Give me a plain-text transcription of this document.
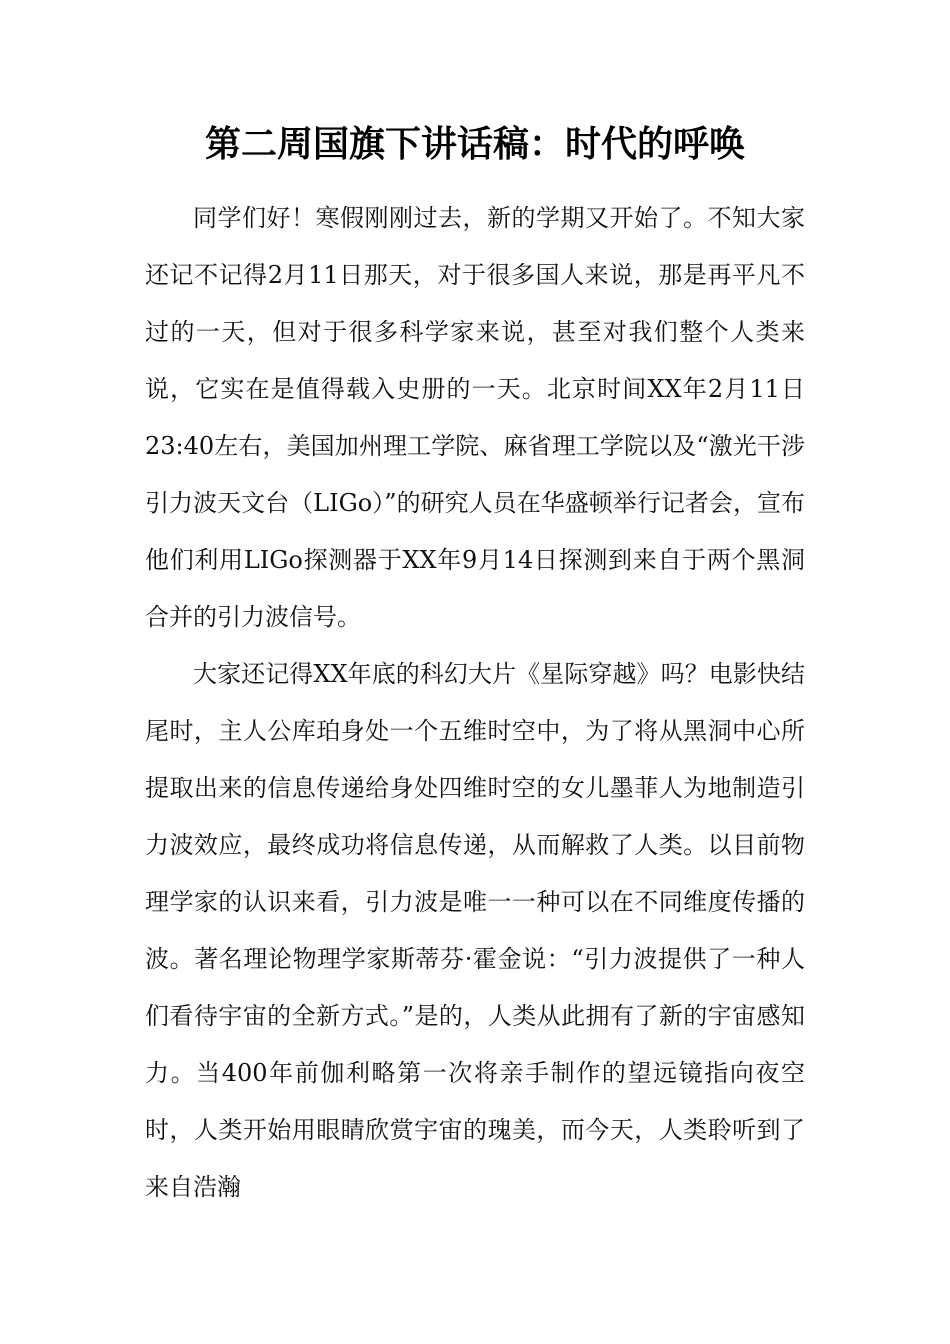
第二周国旗下讲话稿：时代的呼唤

同学们好！寒假刚刚过去，新的学期又开始了。不知大家还记不记得2月11日那天，对于很多国人来说，那是再平凡不过的一天，但对于很多科学家来说，甚至对我们整个人类来说，它实在是值得载入史册的一天。北京时间XX年2月11日23:40左右，美国加州理工学院、麻省理工学院以及“激光干涉引力波天文台（LIGo）”的研究人员在华盛顿举行记者会，宣布他们利用LIGo探测器于XX年9月14日探测到来自于两个黑洞合并的引力波信号。

大家还记得XX年底的科幻大片《星际穿越》吗？电影快结尾时，主人公库珀身处一个五维时空中，为了将从黑洞中心所提取出来的信息传递给身处四维时空的女儿墨菲人为地制造引力波效应，最终成功将信息传递，从而解救了人类。以目前物理学家的认识来看，引力波是唯一一种可以在不同维度传播的波。著名理论物理学家斯蒂芬·霍金说：“引力波提供了一种人们看待宇宙的全新方式。”是的，人类从此拥有了新的宇宙感知力。当400年前伽利略第一次将亲手制作的望远镜指向夜空时，人类开始用眼睛欣赏宇宙的瑰美，而今天，人类聆听到了来自浩瀚
